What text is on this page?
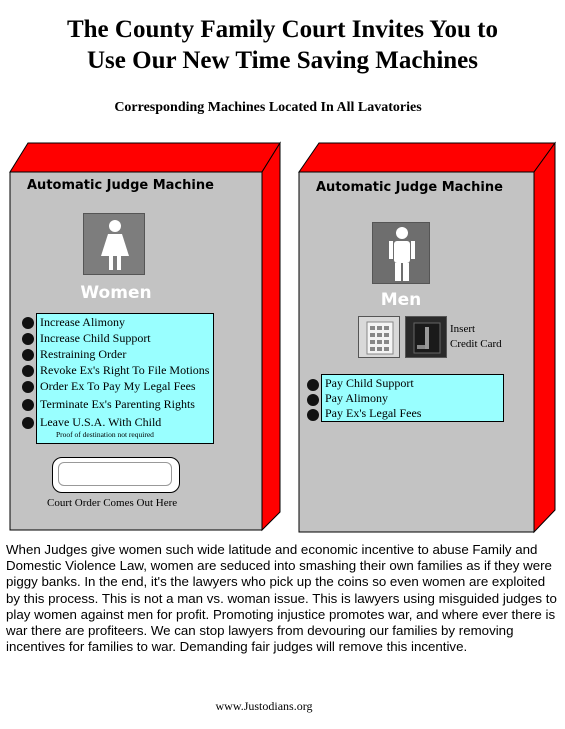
The County Family Court Invites You to
Use Our New Time Saving Machines
Corresponding Machines Located In All Lavatories
Automatic Judge Machine
Women
Increase Alimony
Increase Child Support
Restraining Order
Revoke Ex's Right To File Motions
Order Ex To Pay My Legal Fees
Terminate Ex's Parenting Rights
Leave U.S.A. With Child
Proof of destination not required
Court Order Comes Out Here
Automatic Judge Machine
Men
Insert
Credit Card
Pay Child Support
Pay Alimony
Pay Ex's Legal Fees
When Judges give women such wide latitude and economic incentive to abuse Family and Domestic Violence Law, women are seduced into smashing their own families as if they were piggy banks. In the end, it's the lawyers who pick up the coins so even women are exploited by this process. This is not a man vs. woman issue. This is lawyers using misguided judges to play women against men for profit. Promoting injustice promotes war, and where ever there is war there are profiteers. We can stop lawyers from devouring our families by removing incentives for families to war. Demanding fair judges will remove this incentive.
www.Justodians.org
